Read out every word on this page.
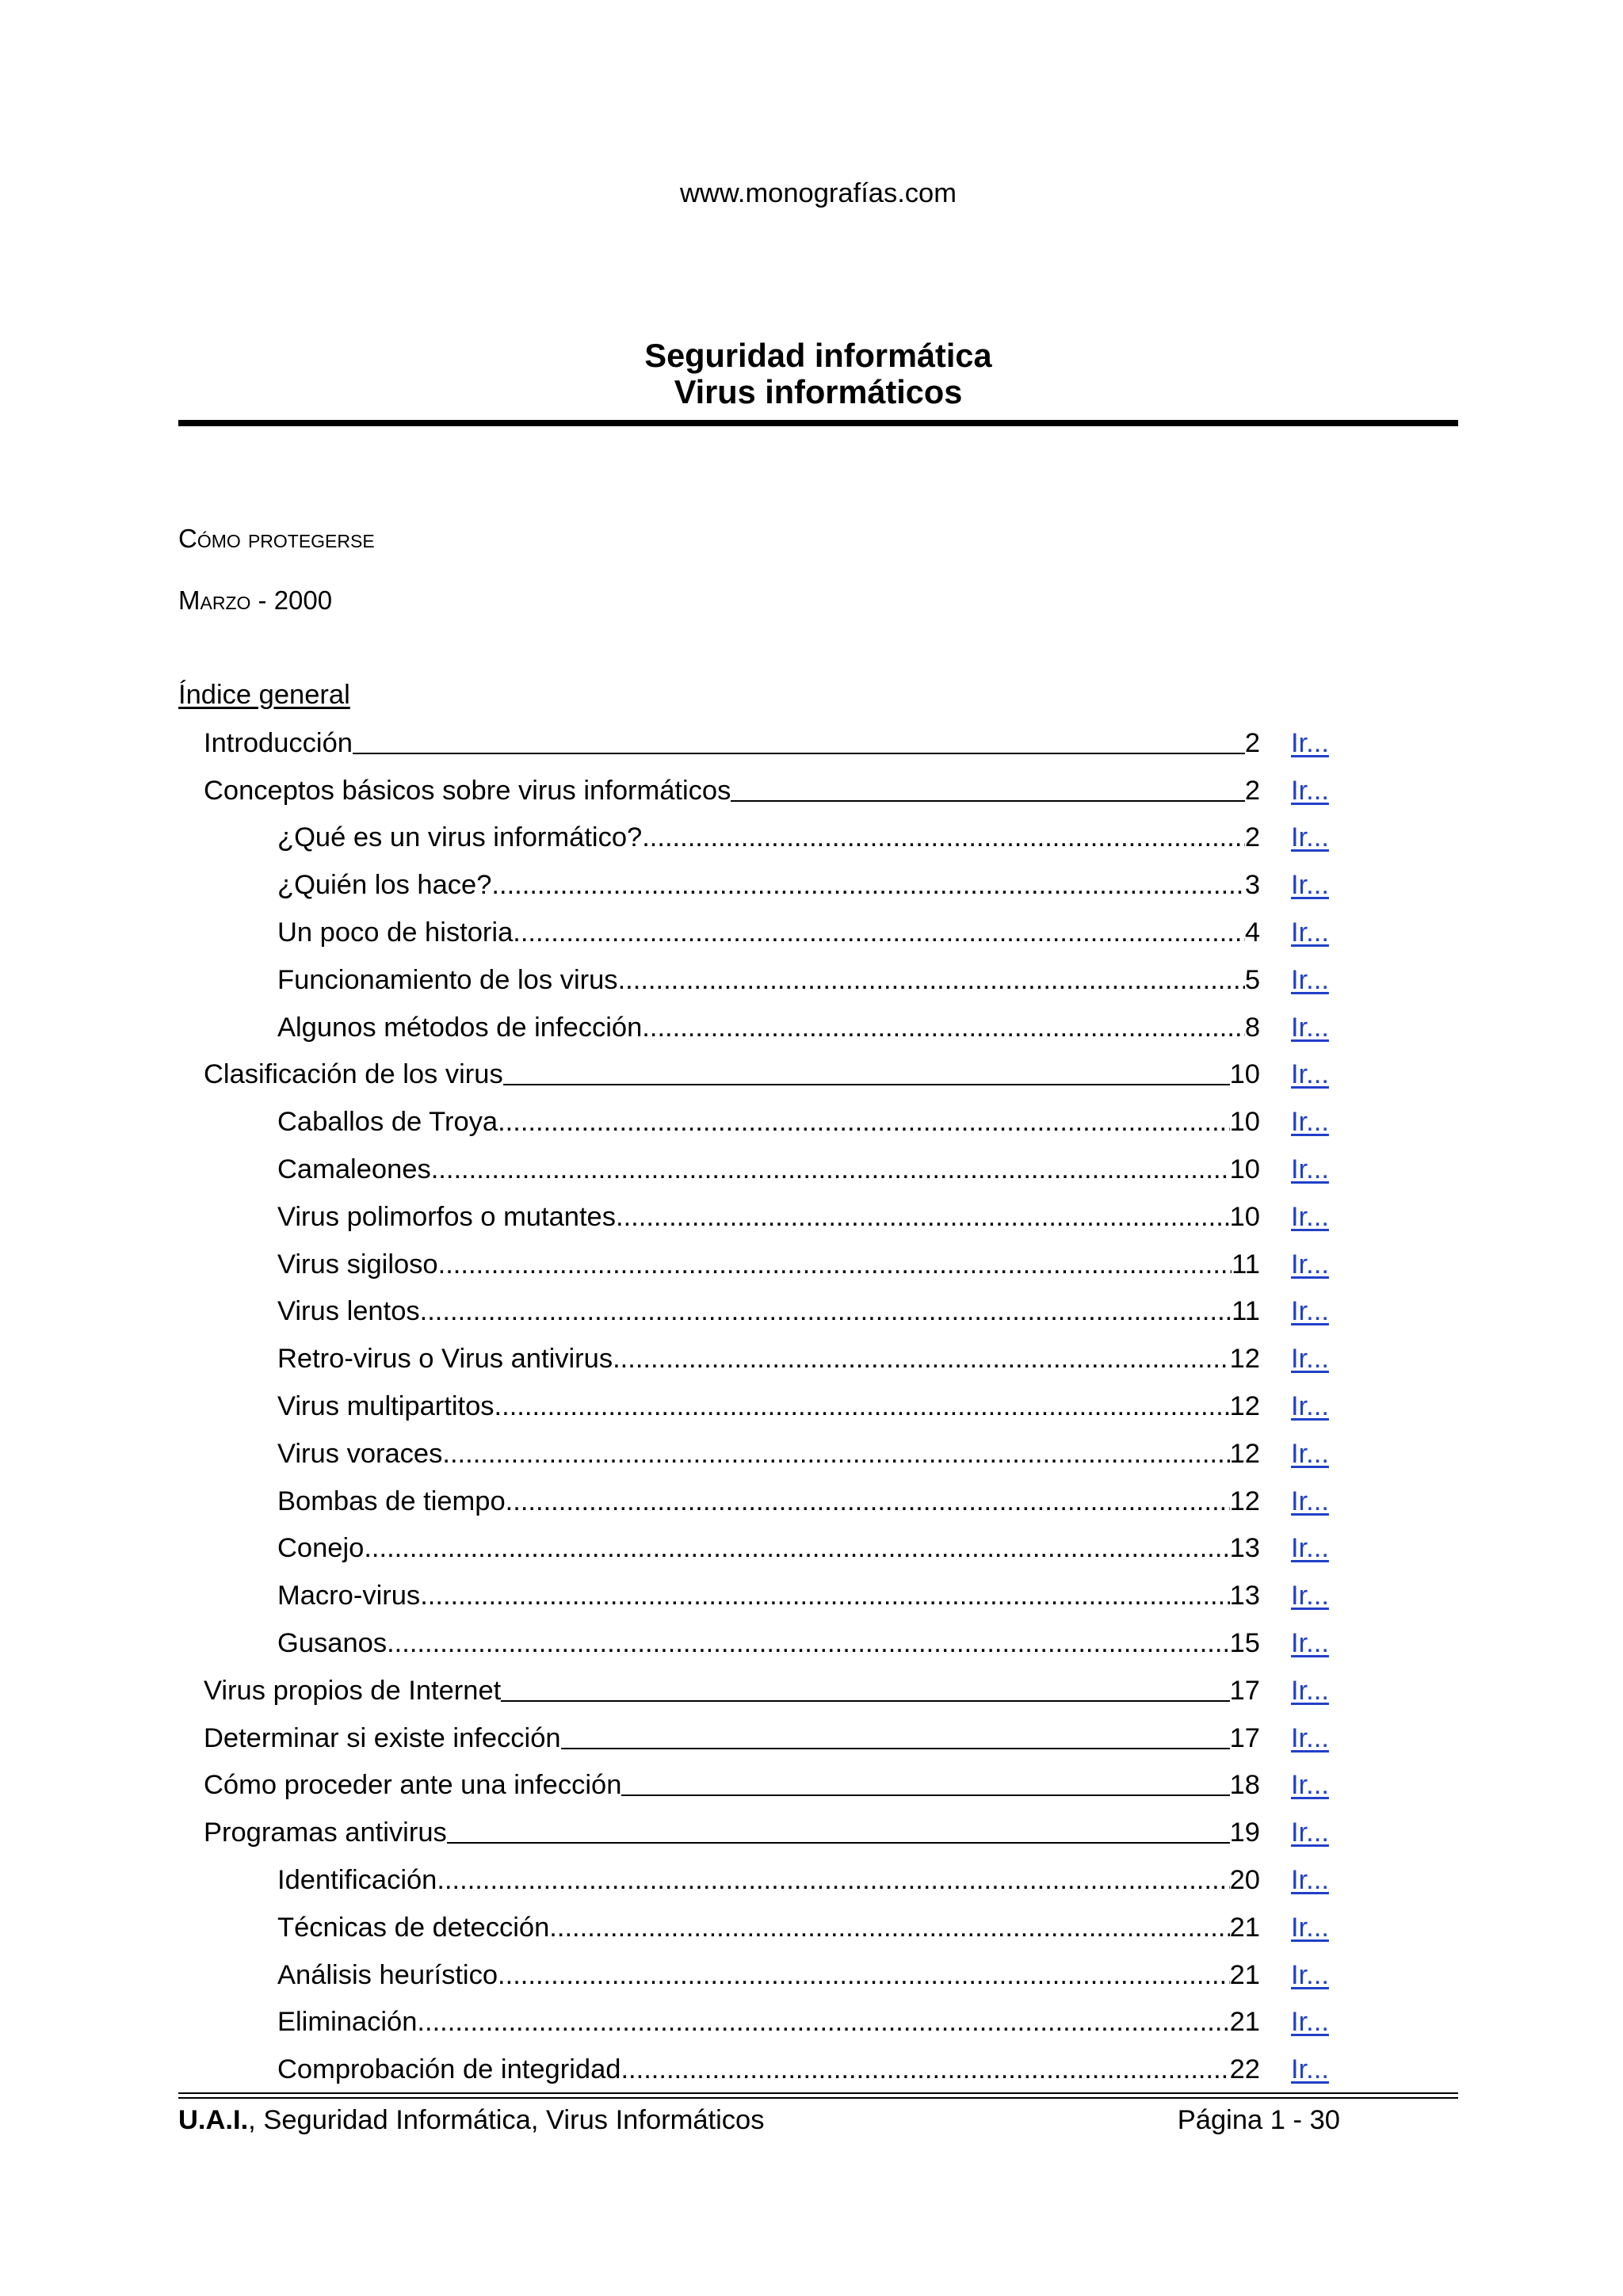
www.monografías.com
Seguridad informática
Virus informáticos
Cómo protegerse
Marzo - 2000
Índice general
Introducción	2 Ir...
Conceptos básicos sobre virus informáticos	2 Ir...
¿Qué es un virus informático? .....	2 Ir...
¿Quién los hace? .....	3 Ir...
Un poco de historia .....	4 Ir...
Funcionamiento de los virus .....	5 Ir...
Algunos métodos de infección .....	8 Ir...
Clasificación de los virus	10 Ir...
Caballos de Troya .....	10 Ir...
Camaleones .....	10 Ir...
Virus polimorfos o mutantes .....	10 Ir...
Virus sigiloso .....	11 Ir...
Virus lentos .....	11 Ir...
Retro-virus o Virus antivirus .....	12 Ir...
Virus multipartitos .....	12 Ir...
Virus voraces .....	12 Ir...
Bombas de tiempo .....	12 Ir...
Conejo .....	13 Ir...
Macro-virus .....	13 Ir...
Gusanos .....	15 Ir...
Virus propios de Internet	17 Ir...
Determinar si existe infección	17 Ir...
Cómo proceder ante una infección	18 Ir...
Programas antivirus	19 Ir...
Identificación .....	20 Ir...
Técnicas de detección .....	21 Ir...
Análisis heurístico .....	21 Ir...
Eliminación .....	21 Ir...
Comprobación de integridad .....	22 Ir...
U.A.I., Seguridad Informática, Virus Informáticos	Página 1 - 30
